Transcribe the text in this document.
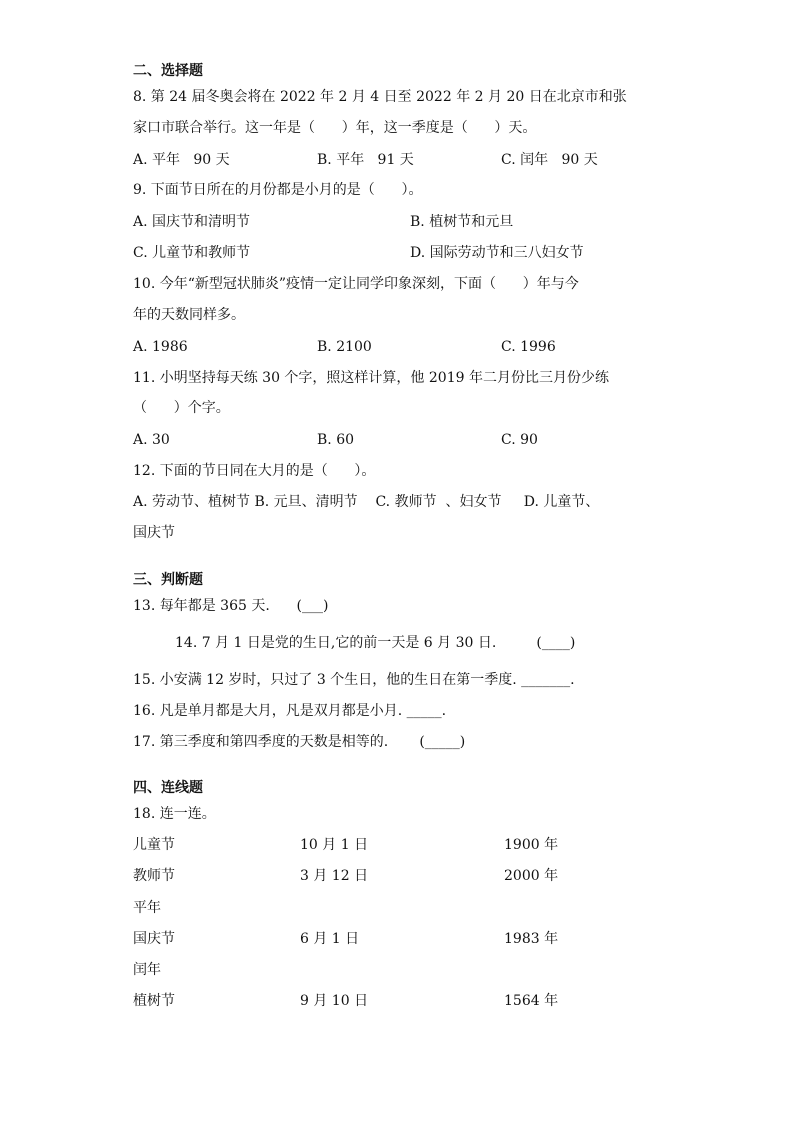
二、选择题
8. 第 24 届冬奥会将在 2022 年 2 月 4 日至 2022 年 2 月 20 日在北京市和张
家口市联合举行。这一年是（      ）年，这一季度是（      ）天。
A. 平年   90 天	B. 平年   91 天	C. 闰年   90 天
9. 下面节日所在的月份都是小月的是（      ）。
A. 国庆节和清明节	B. 植树节和元旦
C. 儿童节和教师节	D. 国际劳动节和三八妇女节
10. 今年“新型冠状肺炎”疫情一定让同学印象深刻，下面（      ）年与今
年的天数同样多。
A. 1986	B. 2100	C. 1996
11. 小明坚持每天练 30 个字，照这样计算，他 2019 年二月份比三月份少练
（      ）个字。
A. 30	B. 60	C. 90
12. 下面的节日同在大月的是（      ）。
A. 劳动节、植树节 B. 元旦、清明节    C. 教师节  、妇女节     D. 儿童节、
国庆节
三、判断题
13. 每年都是 365 天.      (___)
14. 7 月 1 日是党的生日,它的前一天是 6 月 30 日.         (____)
15. 小安满 12 岁时，只过了 3 个生日，他的生日在第一季度. _______.
16. 凡是单月都是大月，凡是双月都是小月. _____.
17. 第三季度和第四季度的天数是相等的.       (_____)
四、连线题
18. 连一连。
儿童节	10 月 1 日	1900 年
教师节	3 月 12 日	2000 年
平年
国庆节	6 月 1 日	1983 年
闰年
植树节	9 月 10 日	1564 年
